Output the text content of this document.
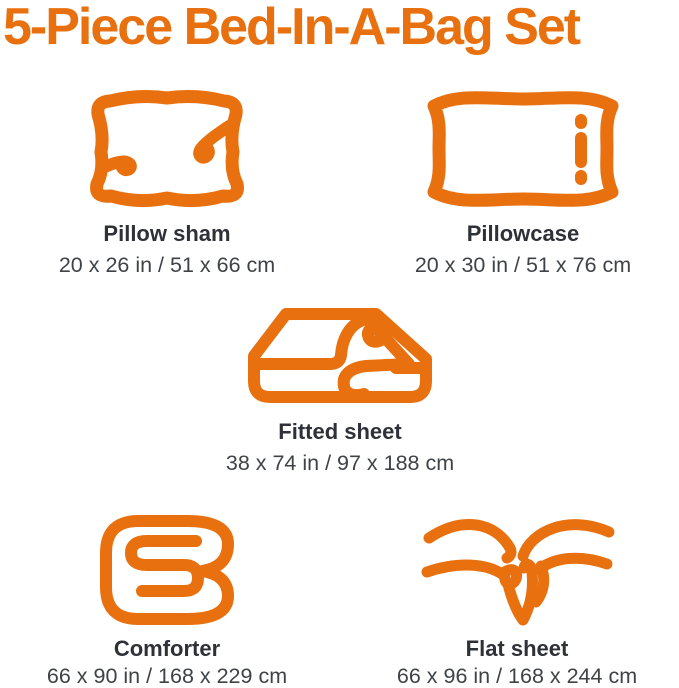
5-Piece Bed-In-A-Bag Set
Pillow sham
20 x 26 in / 51 x 66 cm
Pillowcase
20 x 30 in / 51 x 76 cm
Fitted sheet
38 x 74 in / 97 x 188 cm
Comforter
66 x 90 in / 168 x 229 cm
Flat sheet
66 x 96 in / 168 x 244 cm
